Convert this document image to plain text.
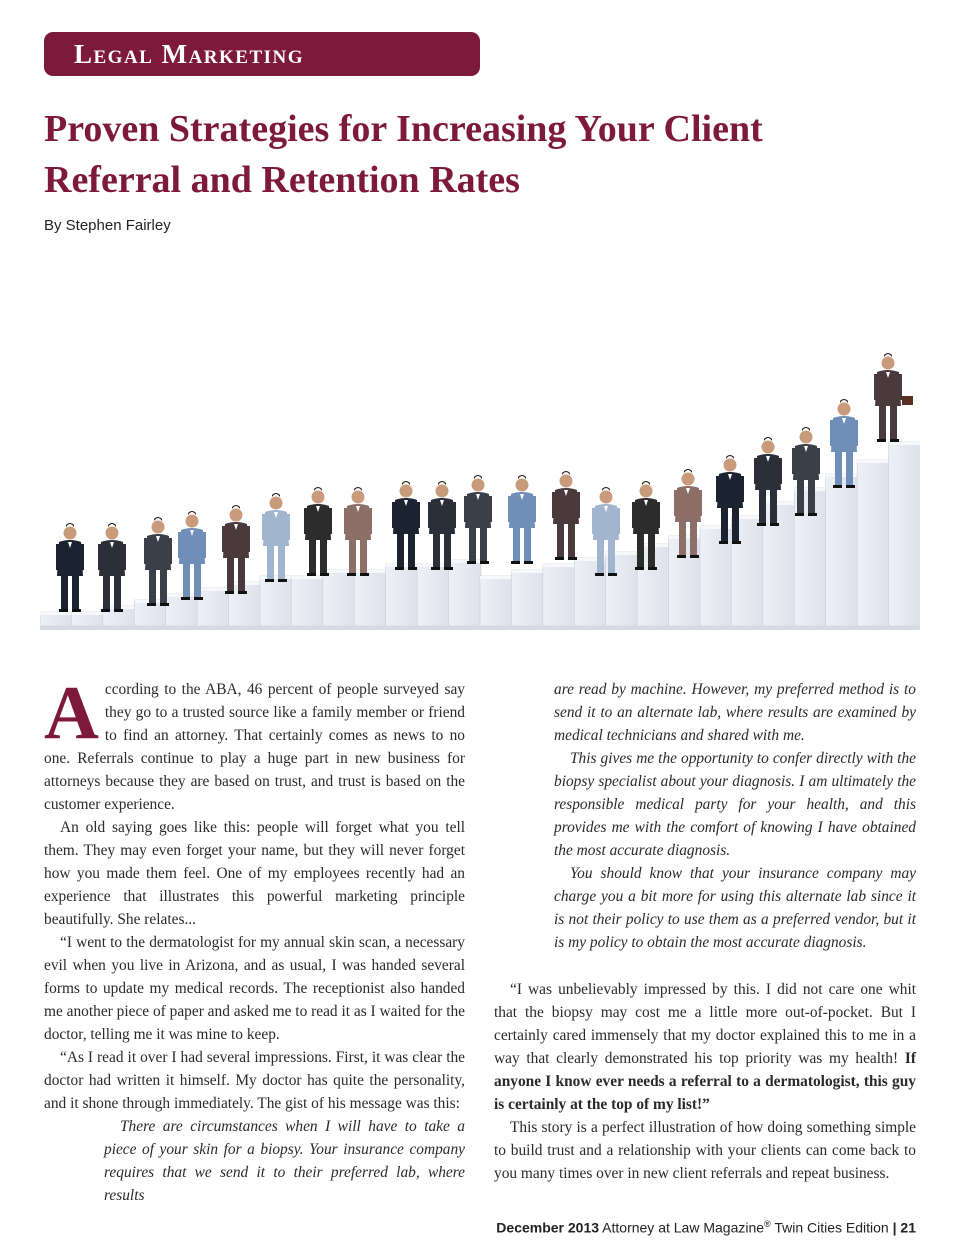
Legal Marketing
Proven Strategies for Increasing Your Client
Referral and Retention Rates
By Stephen Fairley

According to the ABA, 46 percent of people surveyed say they go to a trusted source like a family member or friend to find an attorney. That certainly comes as news to no one. Referrals continue to play a huge part in new business for attorneys because they are based on trust, and trust is based on the customer experience.

An old saying goes like this: people will forget what you tell them. They may even forget your name, but they will never forget how you made them feel. One of my employees recently had an experience that illustrates this powerful marketing principle beautifully. She relates...

“I went to the dermatologist for my annual skin scan, a necessary evil when you live in Arizona, and as usual, I was handed several forms to update my medical records. The receptionist also handed me another piece of paper and asked me to read it as I waited for the doctor, telling me it was mine to keep.

“As I read it over I had several impressions. First, it was clear the doctor had written it himself. My doctor has quite the personality, and it shone through immediately. The gist of his message was this:

There are circumstances when I will have to take a piece of your skin for a biopsy. Your insurance company requires that we send it to their preferred lab, where results

are read by machine. However, my preferred method is to send it to an alternate lab, where results are examined by medical technicians and shared with me.

This gives me the opportunity to confer directly with the biopsy specialist about your diagnosis. I am ultimately the responsible medical party for your health, and this provides me with the comfort of knowing I have obtained the most accurate diagnosis.

You should know that your insurance company may charge you a bit more for using this alternate lab since it is not their policy to use them as a preferred vendor, but it is my policy to obtain the most accurate diagnosis.

“I was unbelievably impressed by this. I did not care one whit that the biopsy may cost me a little more out-of-pocket. But I certainly cared immensely that my doctor explained this to me in a way that clearly demonstrated his top priority was my health! If anyone I know ever needs a referral to a dermatologist, this guy is certainly at the top of my list!”

This story is a perfect illustration of how doing something simple to build trust and a relationship with your clients can come back to you many times over in new client referrals and repeat business.

December 2013 Attorney at Law Magazine® Twin Cities Edition | 21
